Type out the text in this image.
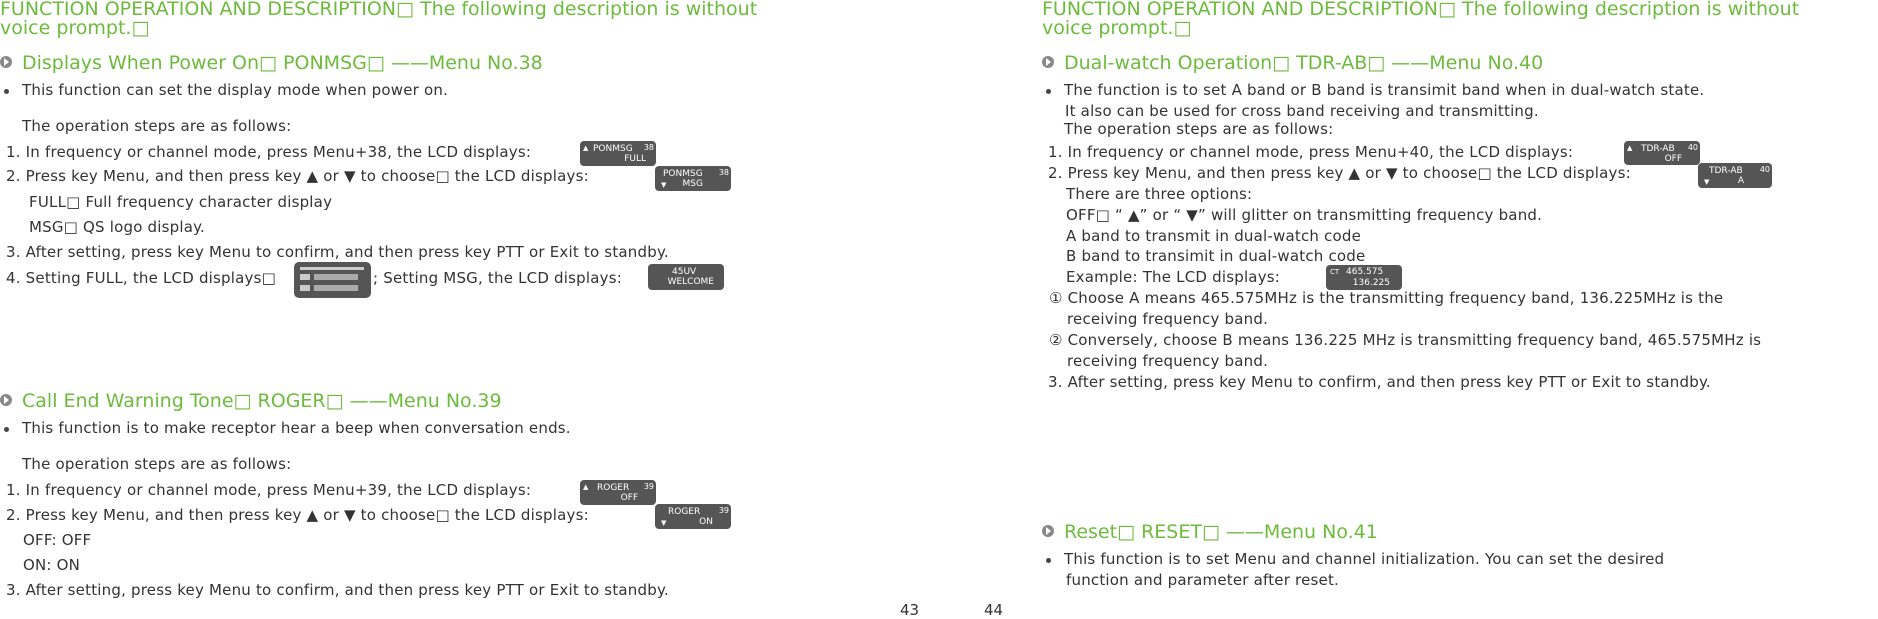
FUNCTION OPERATION AND DESCRIPTION□ The following description is without
voice prompt.□
Displays When Power On□ PONMSG□ ——Menu No.38
This function can set the display mode when power on.
The operation steps are as follows:
1. In frequency or channel mode, press Menu+38, the LCD displays:	▲ PONMSG 38
FULL
2. Press key Menu, and then press key ▲ or ▼ to choose□ the LCD displays:	PONMSG 38
▼ MSG
FULL□ Full frequency character display
MSG□ QS logo display.
3. After setting, press key Menu to confirm, and then press key PTT or Exit to standby.
4. Setting FULL, the LCD displays□	; Setting MSG, the LCD displays:	45UV
WELCOME
Call End Warning Tone□ ROGER□ ——Menu No.39
This function is to make receptor hear a beep when conversation ends.
The operation steps are as follows:
1. In frequency or channel mode, press Menu+39, the LCD displays:	▲ ROGER 39
OFF
2. Press key Menu, and then press key ▲ or ▼ to choose□ the LCD displays:	ROGER 39
▼	ON
OFF: OFF
ON: ON
3. After setting, press key Menu to confirm, and then press key PTT or Exit to standby.
43	44
FUNCTION OPERATION AND DESCRIPTION□ The following description is without
voice prompt.□
Dual-watch Operation□ TDR-AB□ ——Menu No.40
The function is to set A band or B band is transimit band when in dual-watch state.
It also can be used for cross band receiving and transmitting.
The operation steps are as follows:
1. In frequency or channel mode, press Menu+40, the LCD displays:	▲ TDR-AB 40
OFF
2. Press key Menu, and then press key ▲ or ▼ to choose□ the LCD displays:	TDR-AB 40
▼	A
There are three options:
OFF□ “ ▲” or “ ▼” will glitter on transmitting frequency band.
A band to transmit in dual-watch code
B band to transimit in dual-watch code
Example: The LCD displays:	CT 465.575
136.225
① Choose A means 465.575MHz is the transmitting frequency band, 136.225MHz is the
receiving frequency band.
② Conversely, choose B means 136.225 MHz is transmitting frequency band, 465.575MHz is
receiving frequency band.
3. After setting, press key Menu to confirm, and then press key PTT or Exit to standby.
Reset□ RESET□ ——Menu No.41
This function is to set Menu and channel initialization. You can set the desired
function and parameter after reset.
